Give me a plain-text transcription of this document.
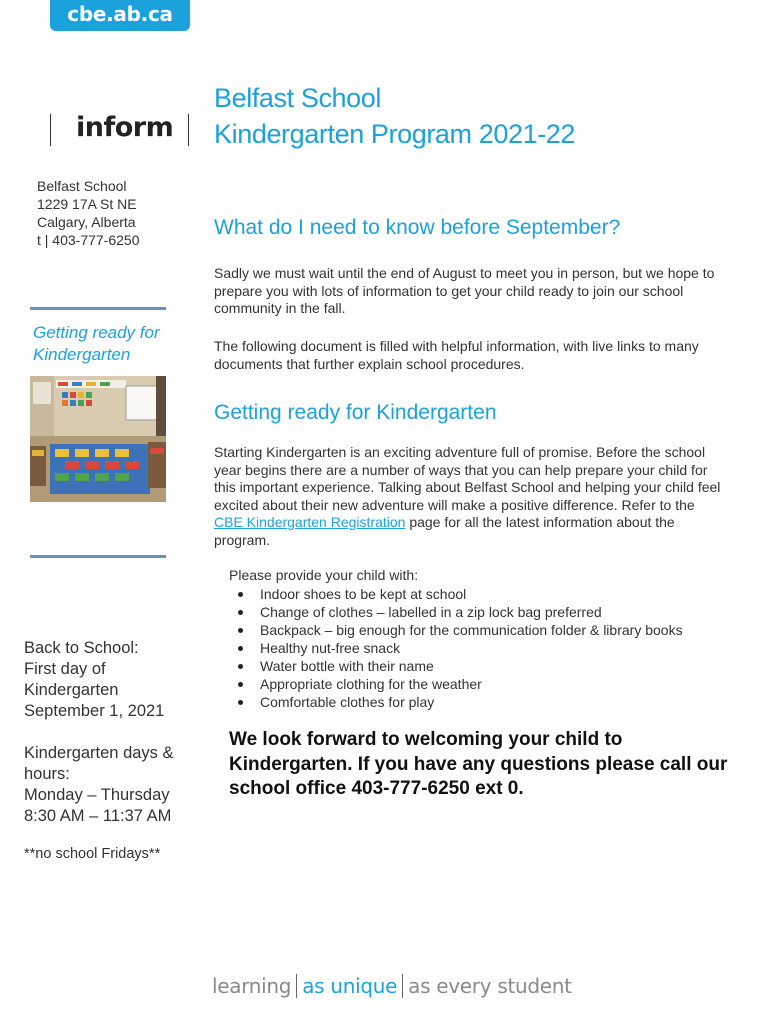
cbe.ab.ca
inform
Belfast School
Kindergarten Program 2021-22
Belfast School
1229 17A St NE
Calgary, Alberta
t | 403-777-6250
Getting ready for
Kindergarten

Back to School:
First day of
Kindergarten
September 1, 2021

Kindergarten days &
hours:
Monday – Thursday
8:30 AM – 11:37 AM

**no school Fridays**
What do I need to know before September?
Sadly we must wait until the end of August to meet you in person, but we hope to prepare you with lots of information to get your child ready to join our school community in the fall.
The following document is filled with helpful information, with live links to many documents that further explain school procedures.
Getting ready for Kindergarten
Starting Kindergarten is an exciting adventure full of promise. Before the school year begins there are a number of ways that you can help prepare your child for this important experience. Talking about Belfast School and helping your child feel excited about their new adventure will make a positive difference. Refer to the CBE Kindergarten Registration page for all the latest information about the program.
Please provide your child with:
Indoor shoes to be kept at school
Change of clothes – labelled in a zip lock bag preferred
Backpack – big enough for the communication folder & library books
Healthy nut-free snack
Water bottle with their name
Appropriate clothing for the weather
Comfortable clothes for play
We look forward to welcoming your child to Kindergarten. If you have any questions please call our school office 403-777-6250 ext 0.
learning as unique as every student
